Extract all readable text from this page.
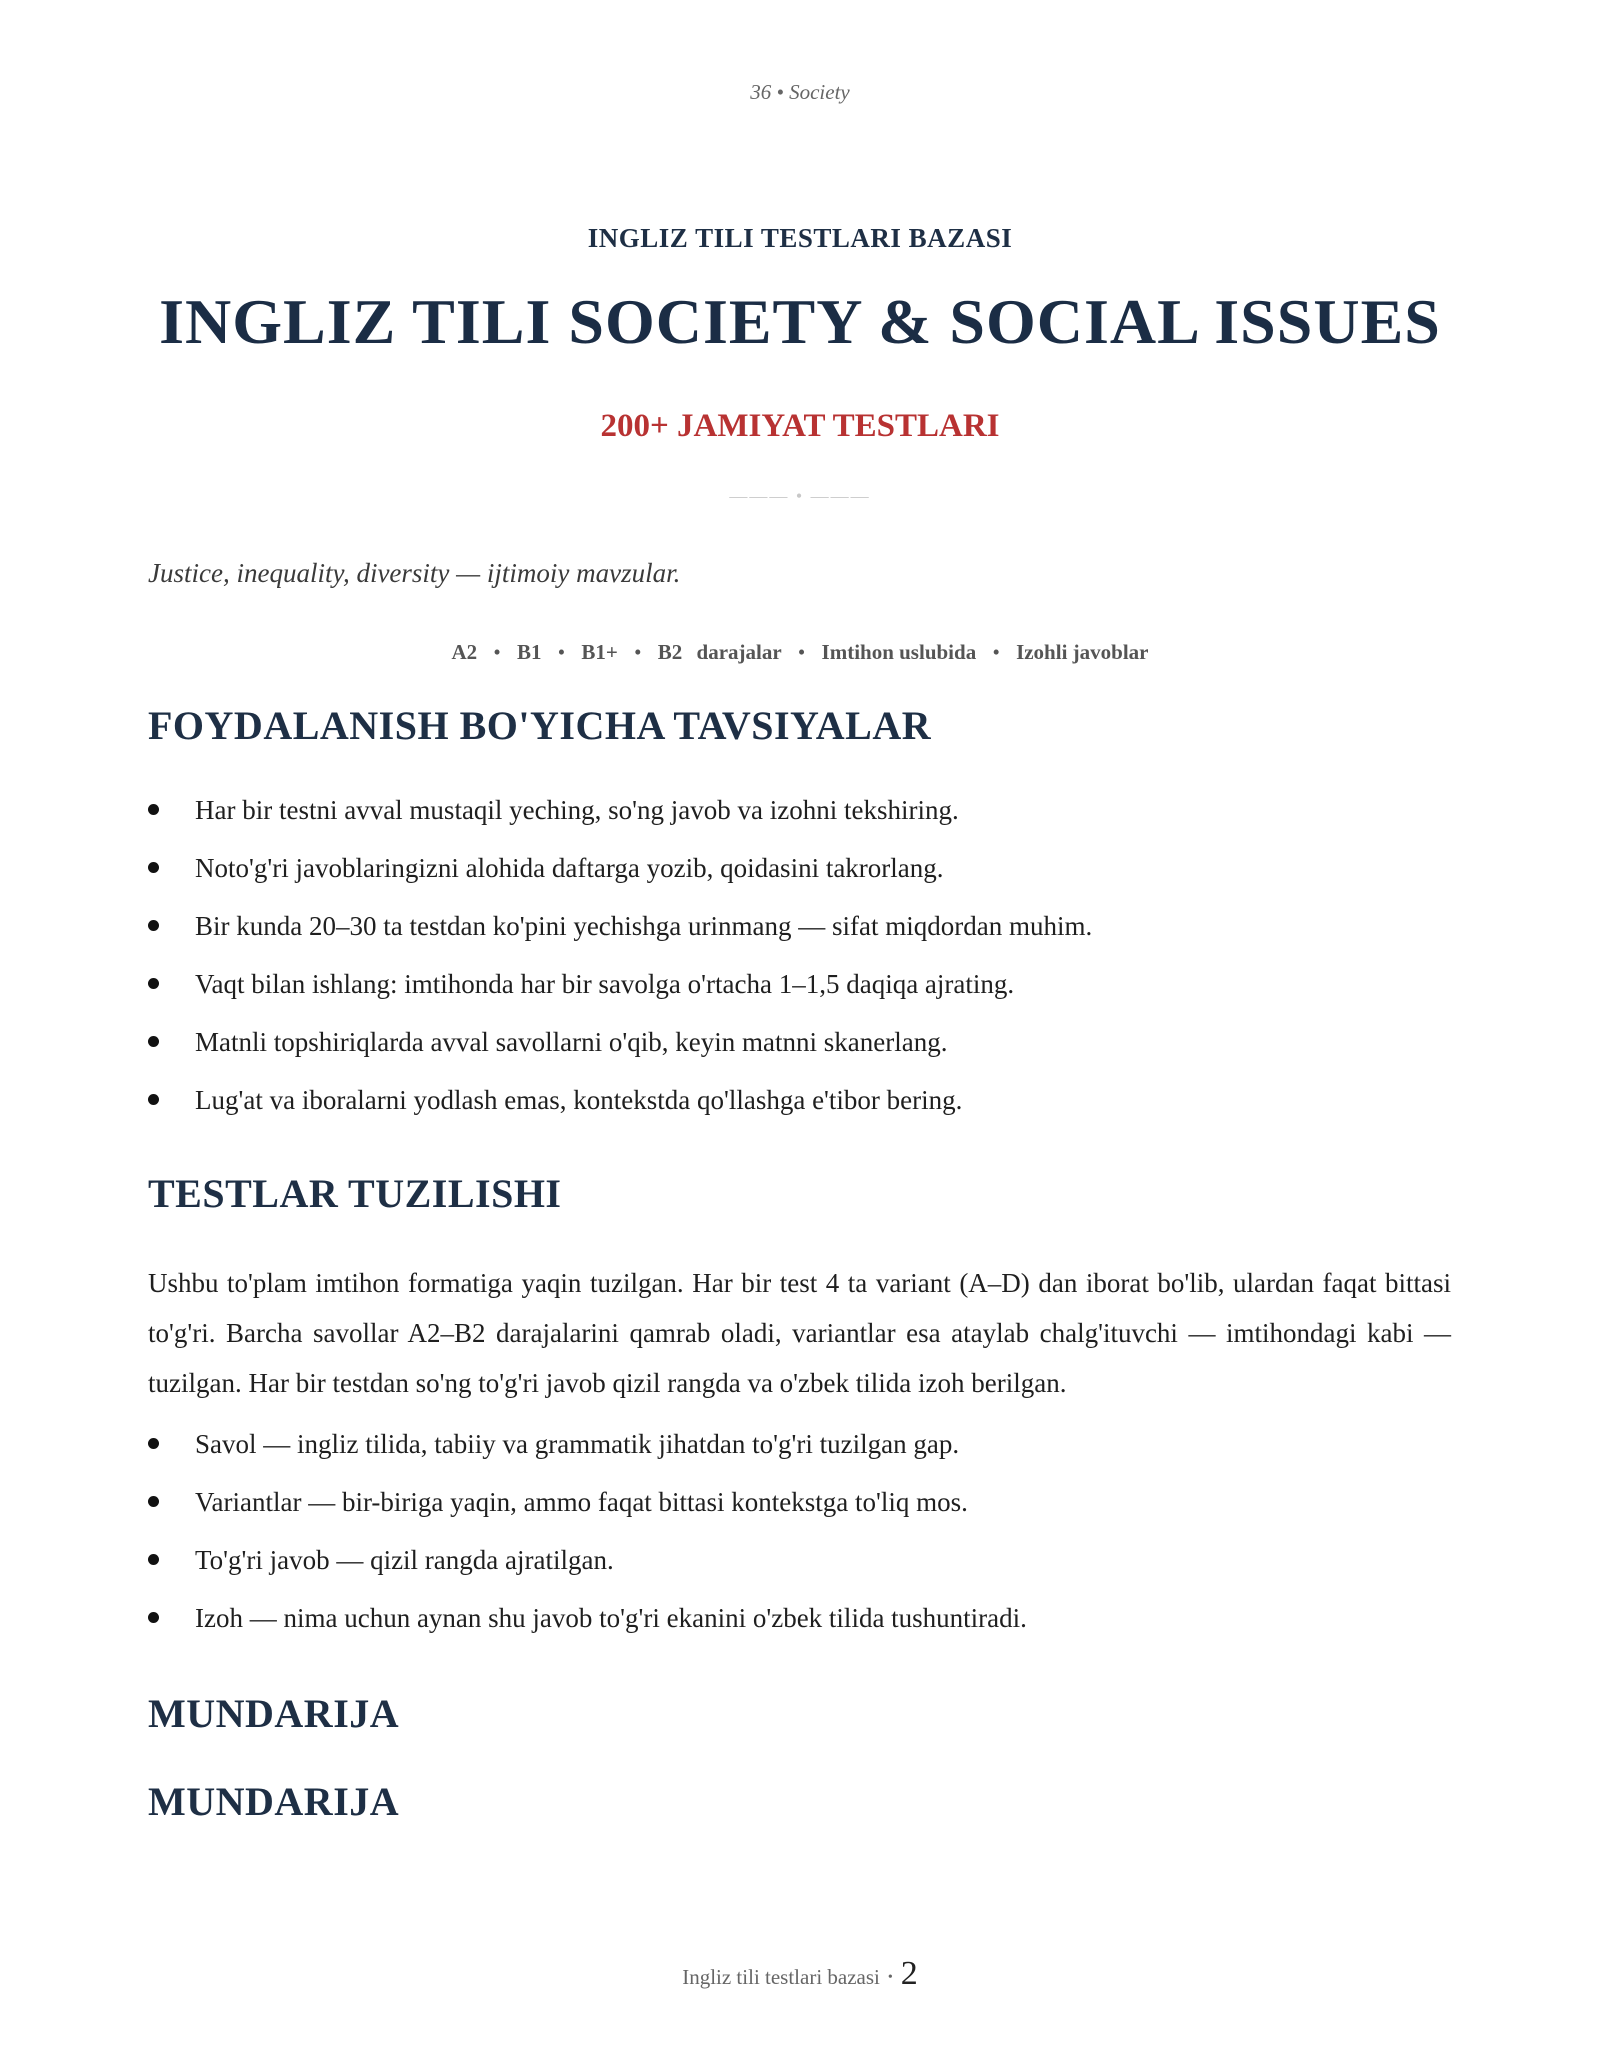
36 • Society
INGLIZ TILI TESTLARI BAZASI
INGLIZ TILI SOCIETY & SOCIAL ISSUES
200+ JAMIYAT TESTLARI
——— • ———
Justice, inequality, diversity — ijtimoiy mavzular.
A2 • B1 • B1+ • B2 darajalar • Imtihon uslubida • Izohli javoblar
FOYDALANISH BO'YICHA TAVSIYALAR
Har bir testni avval mustaqil yeching, so'ng javob va izohni tekshiring.
Noto'g'ri javoblaringizni alohida daftarga yozib, qoidasini takrorlang.
Bir kunda 20–30 ta testdan ko'pini yechishga urinmang — sifat miqdordan muhim.
Vaqt bilan ishlang: imtihonda har bir savolga o'rtacha 1–1,5 daqiqa ajrating.
Matnli topshiriqlarda avval savollarni o'qib, keyin matnni skanerlang.
Lug'at va iboralarni yodlash emas, kontekstda qo'llashga e'tibor bering.
TESTLAR TUZILISHI
Ushbu to'plam imtihon formatiga yaqin tuzilgan. Har bir test 4 ta variant (A–D) dan iborat bo'lib, ulardan faqat bittasi to'g'ri. Barcha savollar A2–B2 darajalarini qamrab oladi, variantlar esa ataylab chalg'ituvchi — imtihondagi kabi — tuzilgan. Har bir testdan so'ng to'g'ri javob qizil rangda va o'zbek tilida izoh berilgan.
Savol — ingliz tilida, tabiiy va grammatik jihatdan to'g'ri tuzilgan gap.
Variantlar — bir-biriga yaqin, ammo faqat bittasi kontekstga to'liq mos.
To'g'ri javob — qizil rangda ajratilgan.
Izoh — nima uchun aynan shu javob to'g'ri ekanini o'zbek tilida tushuntiradi.
MUNDARIJA
MUNDARIJA
Ingliz tili testlari bazasi • 2
